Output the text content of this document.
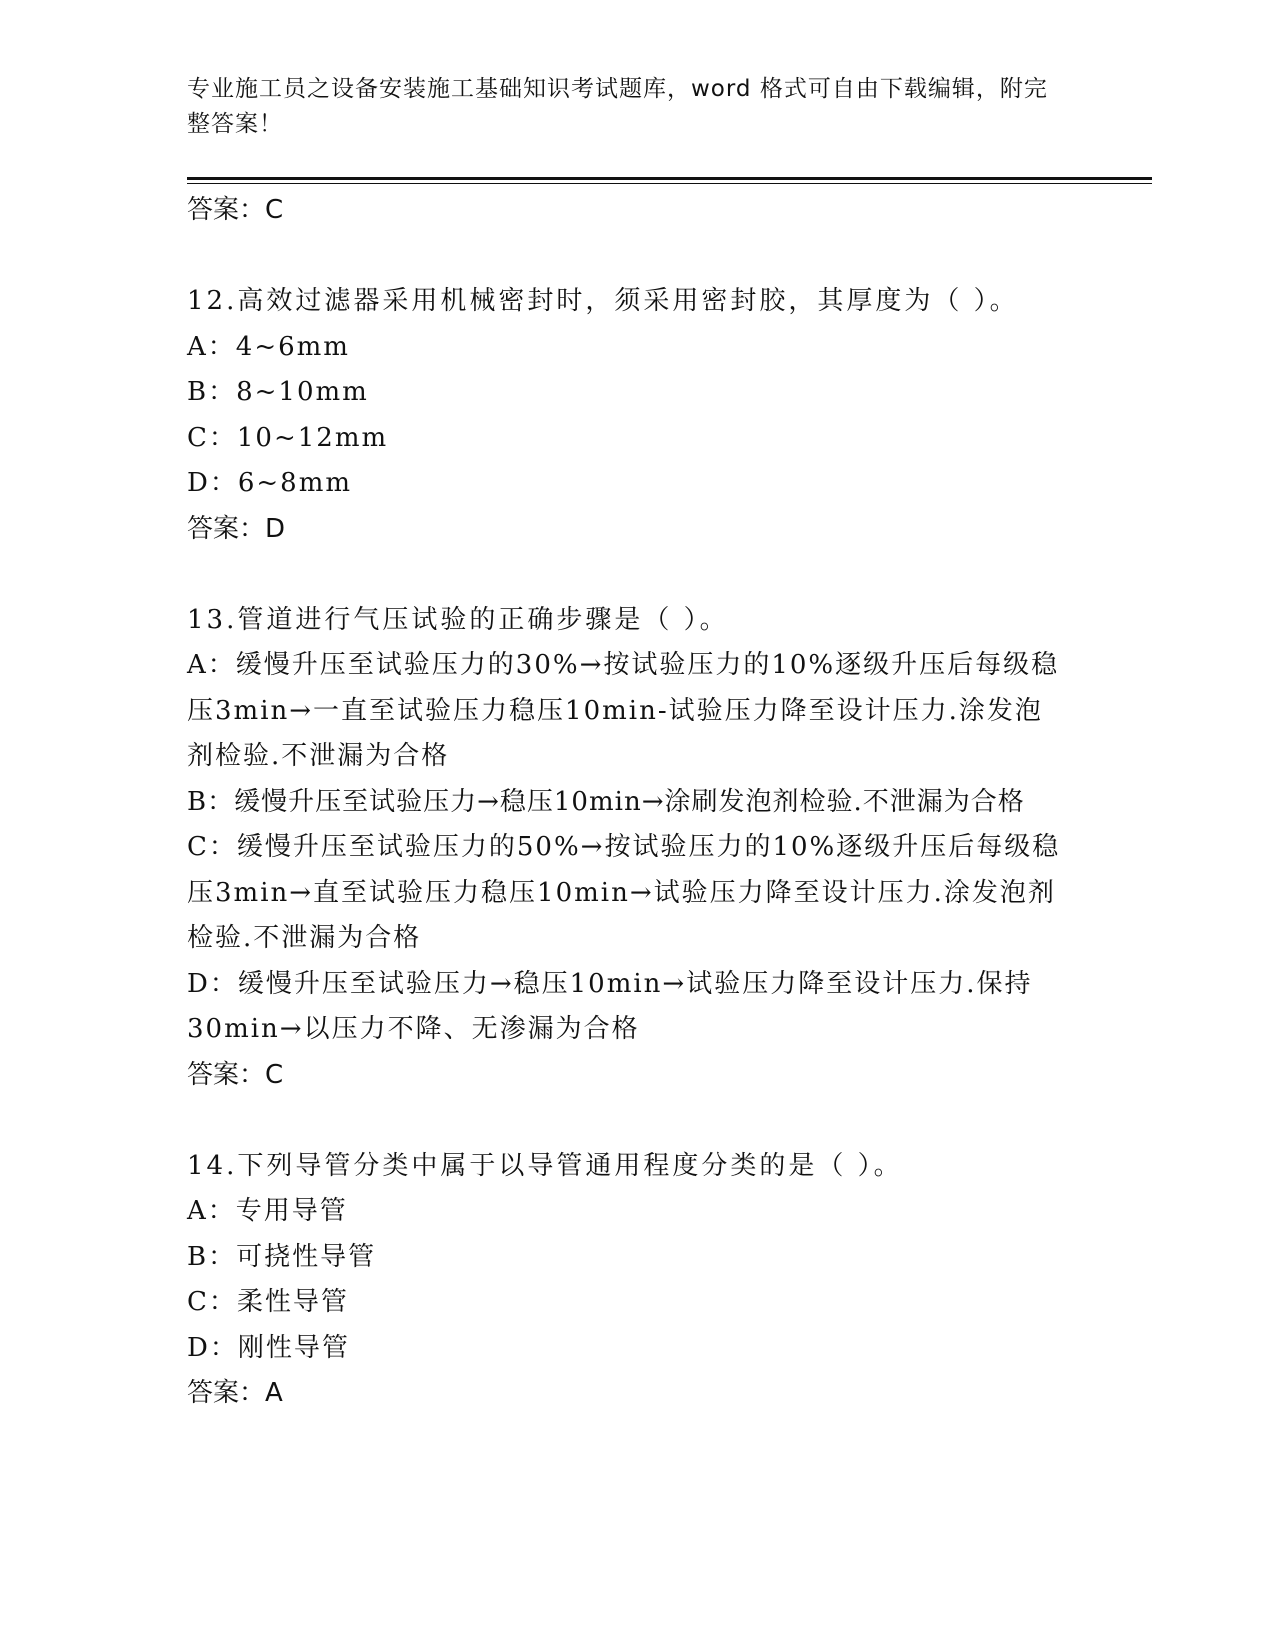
专业施工员之设备安装施工基础知识考试题库，word 格式可自由下载编辑，附完整答案！
答案：C
12.高效过滤器采用机械密封时，须采用密封胶，其厚度为（ ）。
A：4~6mm
B：8~10mm
C：10~12mm
D：6~8mm
答案：D
13.管道进行气压试验的正确步骤是（ ）。
A：缓慢升压至试验压力的30%→按试验压力的10%逐级升压后每级稳压3min→一直至试验压力稳压10min-试验压力降至设计压力.涂发泡剂检验.不泄漏为合格
B：缓慢升压至试验压力→稳压10min→涂刷发泡剂检验.不泄漏为合格
C：缓慢升压至试验压力的50%→按试验压力的10%逐级升压后每级稳压3min→直至试验压力稳压10min→试验压力降至设计压力.涂发泡剂检验.不泄漏为合格
D：缓慢升压至试验压力→稳压10min→试验压力降至设计压力.保持30min→以压力不降、无渗漏为合格
答案：C
14.下列导管分类中属于以导管通用程度分类的是（ ）。
A：专用导管
B：可挠性导管
C：柔性导管
D：刚性导管
答案：A
